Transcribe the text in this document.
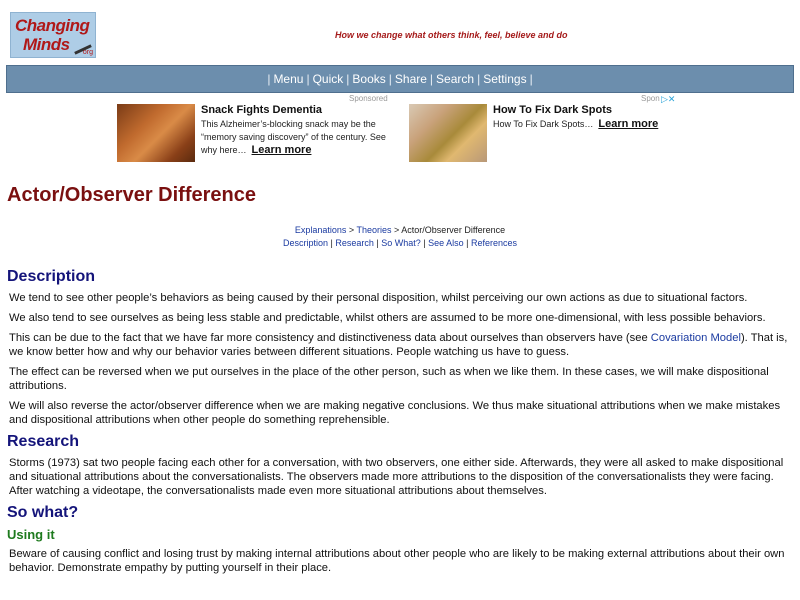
Changing
Minds org
How we change what others think, feel, believe and do
| Menu | Quick | Books | Share | Search | Settings |
Sponsored	Spon ▷✕
Snack Fights Dementia
This Alzheimer’s-blocking snack may be the “memory saving discovery” of the century. See why here… Learn more
How To Fix Dark Spots
How To Fix Dark Spots… Learn more
Actor/Observer Difference
Explanations > Theories > Actor/Observer Difference
Description | Research | So What? | See Also | References
Description

We tend to see other people’s behaviors as being caused by their personal disposition, whilst perceiving our own actions as due to situational factors.

We also tend to see ourselves as being less stable and predictable, whilst others are assumed to be more one-dimensional, with less possible behaviors.

This can be due to the fact that we have far more consistency and distinctiveness data about ourselves than observers have (see Covariation Model). That is, we know better how and why our behavior varies between different situations. People watching us have to guess.

The effect can be reversed when we put ourselves in the place of the other person, such as when we like them. In these cases, we will make dispositional attributions.

We will also reverse the actor/observer difference when we are making negative conclusions. We thus make situational attributions when we make mistakes and dispositional attributions when other people do something reprehensible.

Research

Storms (1973) sat two people facing each other for a conversation, with two observers, one either side. Afterwards, they were all asked to make dispositional and situational attributions about the conversationalists. The observers made more attributions to the disposition of the conversationalists they were facing. After watching a videotape, the conversationalists made even more situational attributions about themselves.

So what?
Using it

Beware of causing conflict and losing trust by making internal attributions about other people who are likely to be making external attributions about their own behavior. Demonstrate empathy by putting yourself in their place.
